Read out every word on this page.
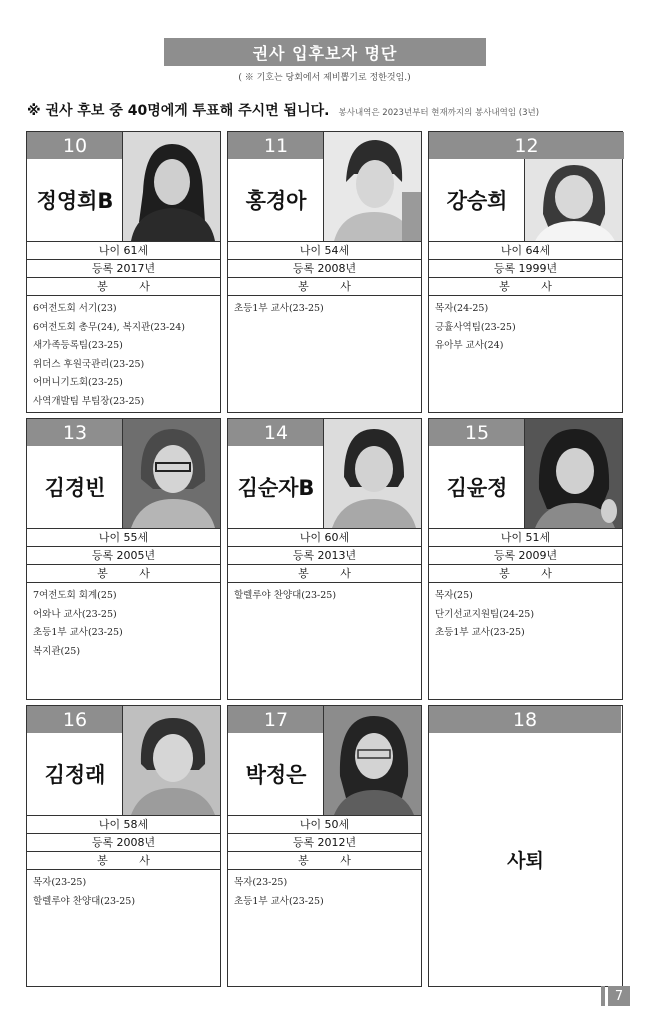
권사 입후보자 명단
( ※ 기호는 당회에서 제비뽑기로 정한것임.)
※ 권사 후보 중 40명에게 투표해 주시면 됩니다. 봉사내역은 2023년부터 현재까지의 봉사내역임 (3년)
10
정영희B
나이 61세
등록 2017년
봉 사
6여전도회 서기(23)
6여전도회 총무(24), 복지관(23-24)
새가족등록팀(23-25)
위더스 후원국관리(23-25)
어머니기도회(23-25)
사역개발팀 부팀장(23-25)
11
홍경아
나이 54세
등록 2008년
봉 사
초등1부 교사(23-25)
12
강승희
나이 64세
등록 1999년
봉 사
목자(24-25)
긍휼사역팀(23-25)
유아부 교사(24)
13
김경빈
나이 55세
등록 2005년
봉 사
7여전도회 회계(25)
어와나 교사(23-25)
초등1부 교사(23-25)
복지관(25)
14
김순자B
나이 60세
등록 2013년
봉 사
할렐루야 찬양대(23-25)
15
김윤정
나이 51세
등록 2009년
봉 사
목자(25)
단기선교지원팀(24-25)
초등1부 교사(23-25)
16
김정래
나이 58세
등록 2008년
봉 사
목자(23-25)
할렐루야 찬양대(23-25)
17
박정은
나이 50세
등록 2012년
봉 사
목자(23-25)
초등1부 교사(23-25)
18
사퇴
7
